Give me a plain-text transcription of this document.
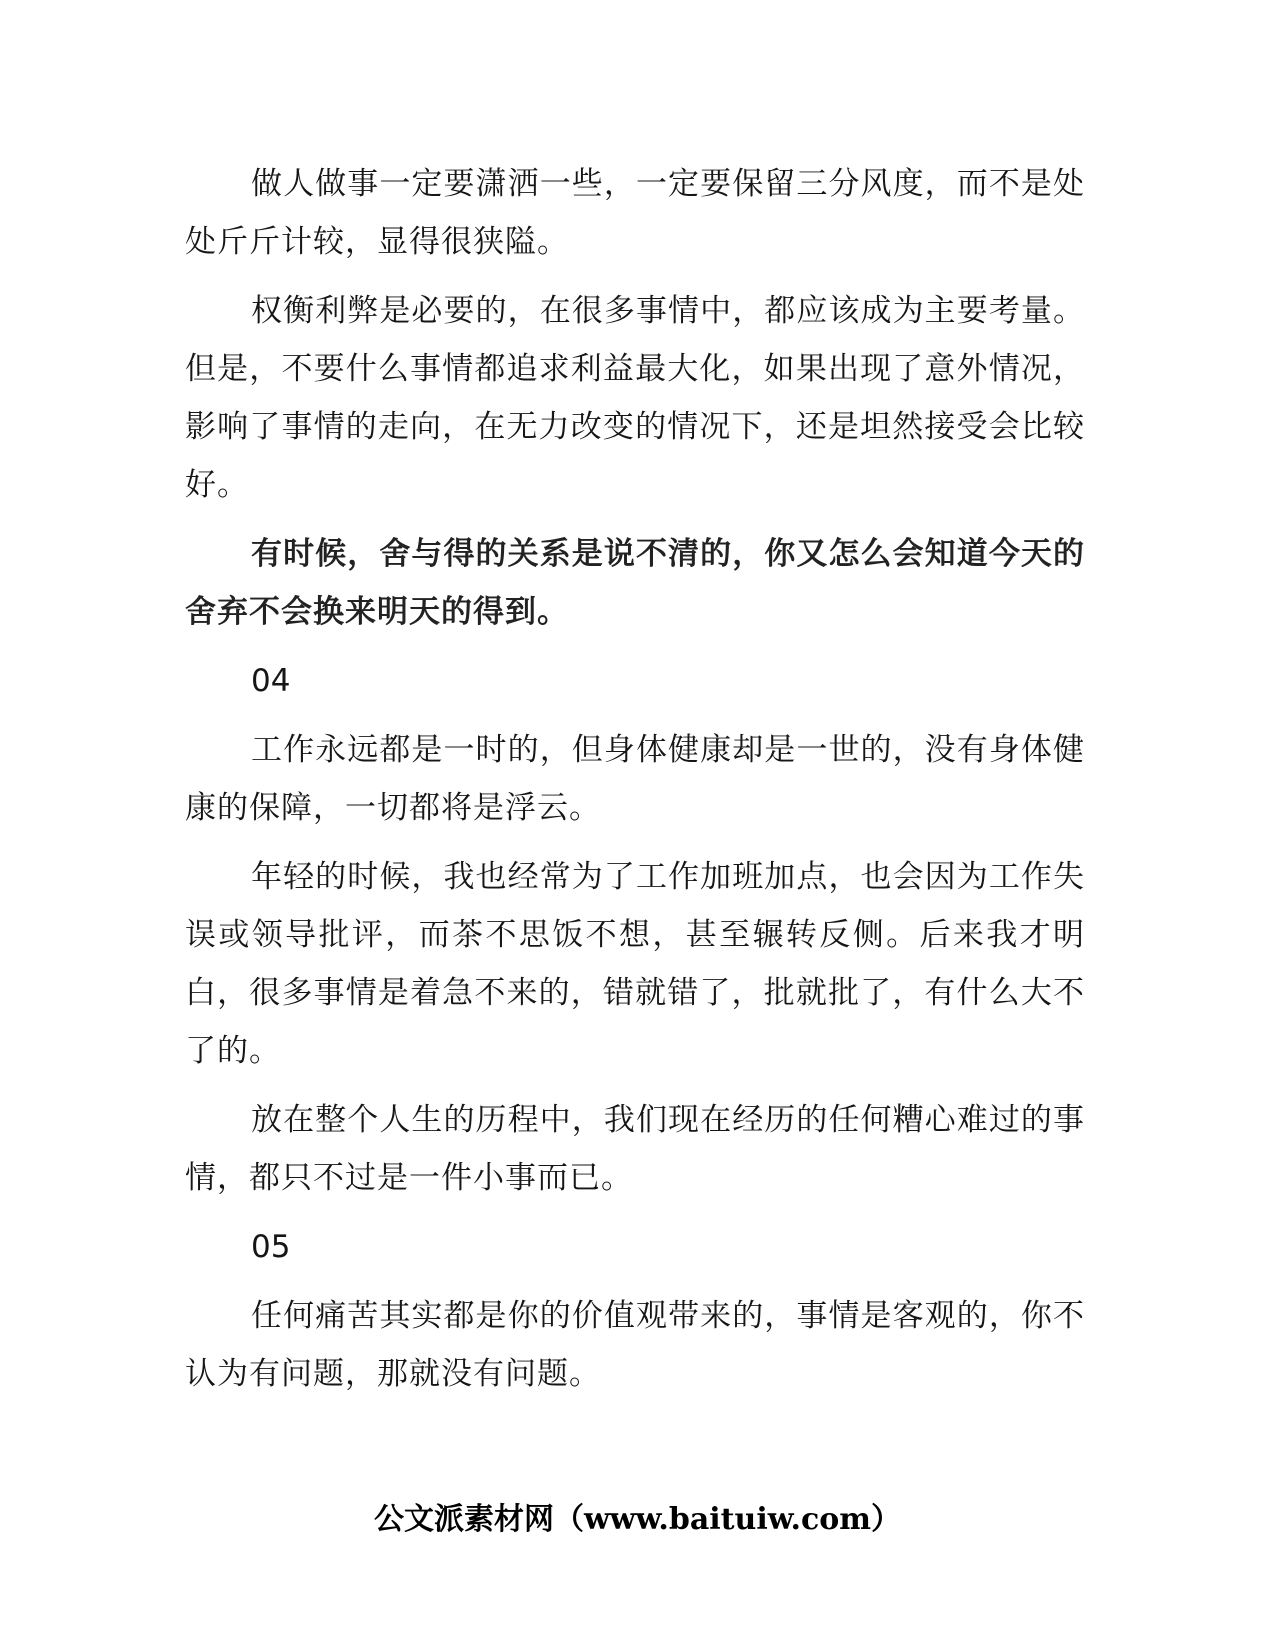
做人做事一定要潇洒一些，一定要保留三分风度，而不是处处斤斤计较，显得很狭隘。

权衡利弊是必要的，在很多事情中，都应该成为主要考量。但是，不要什么事情都追求利益最大化，如果出现了意外情况，影响了事情的走向，在无力改变的情况下，还是坦然接受会比较好。

有时候，舍与得的关系是说不清的，你又怎么会知道今天的舍弃不会换来明天的得到。

04

工作永远都是一时的，但身体健康却是一世的，没有身体健康的保障，一切都将是浮云。

年轻的时候，我也经常为了工作加班加点，也会因为工作失误或领导批评，而茶不思饭不想，甚至辗转反侧。后来我才明白，很多事情是着急不来的，错就错了，批就批了，有什么大不了的。

放在整个人生的历程中，我们现在经历的任何糟心难过的事情，都只不过是一件小事而已。

05

任何痛苦其实都是你的价值观带来的，事情是客观的，你不认为有问题，那就没有问题。

公文派素材网（www.baituiw.com）
